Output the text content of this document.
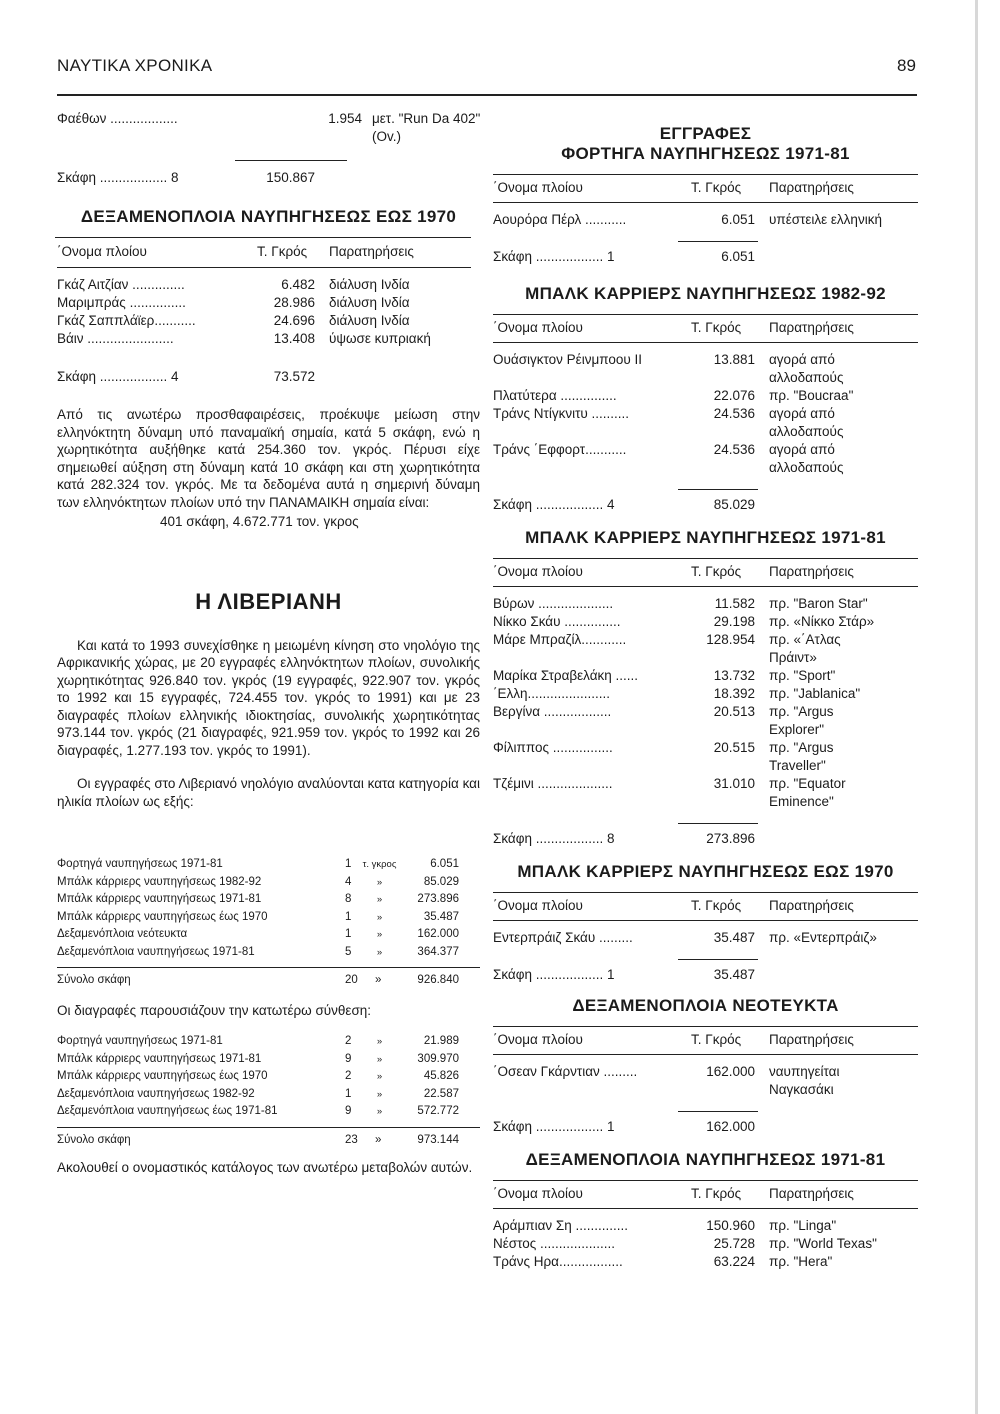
ΝΑΥΤΙΚΑ ΧΡΟΝΙΚΑ	89
Φαέθων ..................	1.954 μετ. "Run Da 402" (Ov.)
Σκάφη .................. 8	150.867
ΔΕΞΑΜΕΝΟΠΛΟΙΑ ΝΑΥΠΗΓΗΣΕΩΣ ΕΩΣ 1970
΄Ονομα πλοίου	Τ. Γκρός Παρατηρήσεις
Γκάζ Αιτζίαν ..............	6.482 διάλυση Ινδία
Μαριμπράς ...............	28.986 διάλυση Ινδία
Γκάζ Σαππλάϊερ...........	24.696 διάλυση Ινδία
Βάιν .......................	13.408 ύψωσε κυπριακή
Σκάφη .................. 4	73.572
Από τις ανωτέρω προσθαφαιρέσεις, προέκυψε μείωση στην ελληνόκτητη δύναμη υπό παναμαϊκή σημαία, κατά 5 σκάφη, ενώ η χωρητικότητα αυξήθηκε κατά 254.360 τον. γκρός. Πέρυσι είχε σημειωθεί αύξηση στη δύναμη κατά 10 σκάφη και στη χωρητικότητα κατά 282.324 τον. γκρός. Με τα δεδομένα αυτά η σημερινή δύναμη των ελληνόκτητων πλοίων υπό την ΠΑΝΑΜΑΙΚΗ σημαία είναι:
401 σκάφη, 4.672.771 τον. γκρος
Η ΛΙΒΕΡΙΑΝΗ
Και κατά το 1993 συνεχίσθηκε η μειωμένη κίνηση στο νηολόγιο της Αφρικανικής χώρας, με 20 εγγραφές ελληνόκτητων πλοίων, συνολικής χωρητικότητας 926.840 τον. γκρός (19 εγγραφές, 922.907 τον. γκρός το 1992 και 15 εγγραφές, 724.455 τον. γκρός το 1991) και με 23 διαγραφές πλοίων ελληνικής ιδιοκτησίας, συνολικής χωρητικότητας 973.144 τον. γκρός (21 διαγραφές, 921.959 τον. γκρός το 1992 και 26 διαγραφές, 1.277.193 τον. γκρός το 1991).
Οι εγγραφές στο Λιβεριανό νηολόγιο αναλύονται κατα κατηγορία και ηλικία πλοίων ως εξής:
Φορτηγά ναυπηγήσεως 1971-81	1	τ. γκρος	6.051
Μπάλκ κάρριερς ναυπηγήσεως 1982-92	4	»	85.029
Μπάλκ κάρριερς ναυπηγήσεως 1971-81	8	»	273.896
Μπάλκ κάρριερς ναυπηγήσεως έως 1970	1	»	35.487
Δεξαμενόπλοια νεότευκτα	1	»	162.000
Δεξαμενόπλοια ναυπηγήσεως 1971-81	5	»	364.377
Σύνολο σκάφη	20 »	926.840
Οι διαγραφές παρουσιάζουν την κατωτέρω σύνθεση:
Φορτηγά ναυπηγήσεως 1971-81	2	»	21.989
Μπάλκ κάρριερς ναυπηγήσεως 1971-81	9	»	309.970
Μπάλκ κάρριερς ναυπηγήσεως έως 1970	2	»	45.826
Δεξαμενόπλοια ναυπηγήσεως 1982-92	1	»	22.587
Δεξαμενόπλοια ναυπηγήσεως έως 1971-81	9	»	572.772
Σύνολο σκάφη	23 »	973.144
Ακολουθεί ο ονομαστικός κατάλογος των ανωτέρω μεταβολών αυτών.
ΕΓΓΡΑΦΕΣ
ΦΟΡΤΗΓΑ ΝΑΥΠΗΓΗΣΕΩΣ 1971-81
΄Ονομα πλοίου	Τ. Γκρός Παρατηρήσεις
Αουρόρα Πέρλ ...........	6.051 υπέστειλε ελληνική
Σκάφη .................. 1	6.051
ΜΠΑΛΚ ΚΑΡΡΙΕΡΣ ΝΑΥΠΗΓΗΣΕΩΣ 1982-92
΄Ονομα πλοίου	Τ. Γκρός Παρατηρήσεις
Ουάσιγκτον Ρέινμποου ΙΙ	13.881 αγορά από
αλλοδαπούς
Πλατύτερα ...............	22.076 πρ. "Boucraa"
Τράνς Ντίγκνιτυ ..........	24.536 αγορά από
αλλοδαπούς
Τράνς ΄Εφφορτ...........	24.536 αγορά από
αλλοδαπούς
Σκάφη .................. 4	85.029
ΜΠΑΛΚ ΚΑΡΡΙΕΡΣ ΝΑΥΠΗΓΗΣΕΩΣ 1971-81
΄Ονομα πλοίου	Τ. Γκρός Παρατηρήσεις
Βύρων ....................	11.582 πρ. "Baron Star"
Νίκκο Σκάυ ...............	29.198 πρ. «Νίκκο Στάρ»
Μάρε Μπραζίλ............	128.954 πρ. «΄Ατλας
Πράιντ»
Μαρίκα Στραβελάκη ......	13.732 πρ. "Sport"
΄Ελλη......................	18.392 πρ. "Jablanica"
Βεργίνα ..................	20.513 πρ. "Argus
Explorer"
Φίλιππος ................	20.515 πρ. "Argus
Traveller"
Τζέμινι ....................	31.010 πρ. "Equator
Eminence"
Σκάφη .................. 8	273.896
ΜΠΑΛΚ ΚΑΡΡΙΕΡΣ ΝΑΥΠΗΓΗΣΕΩΣ ΕΩΣ 1970
΄Ονομα πλοίου	Τ. Γκρός Παρατηρήσεις
Εντερπράιζ Σκάυ .........	35.487 πρ. «Εντερπράιζ»
Σκάφη .................. 1	35.487
ΔΕΞΑΜΕΝΟΠΛΟΙΑ ΝΕΟΤΕΥΚΤΑ
΄Ονομα πλοίου	Τ. Γκρός Παρατηρήσεις
΄Οσεαν Γκάρντιαν .........	162.000 ναυπηγείται
Ναγκασάκι
Σκάφη .................. 1	162.000
ΔΕΞΑΜΕΝΟΠΛΟΙΑ ΝΑΥΠΗΓΗΣΕΩΣ 1971-81
΄Ονομα πλοίου	Τ. Γκρός Παρατηρήσεις
Αράμπιαν Ση ..............	150.960 πρ. "Linga"
Νέστος ....................	25.728 πρ. "World Texas"
Τράνς Ηρα.................	63.224 πρ. "Hera"
